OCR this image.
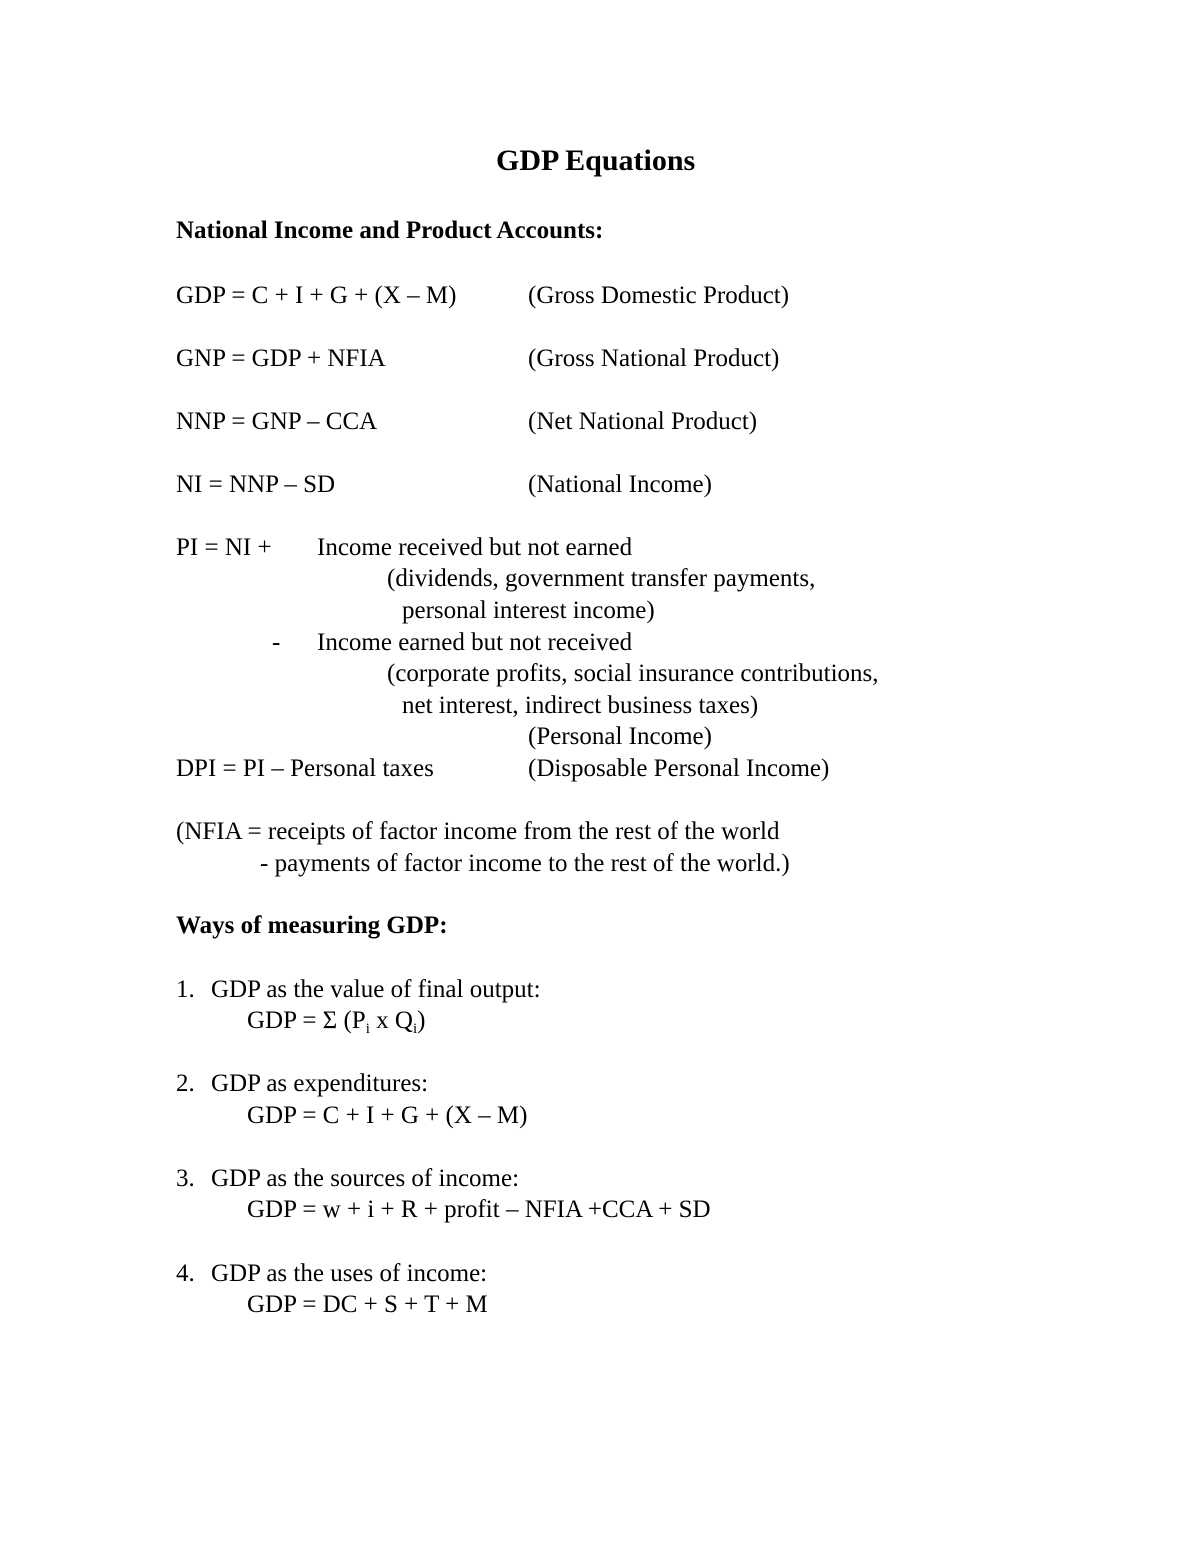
GDP Equations
National Income and Product Accounts:
GDP = C + I + G + (X – M)	(Gross Domestic Product)
GNP = GDP + NFIA	(Gross National Product)
NNP = GNP – CCA	(Net National Product)
NI = NNP – SD	(National Income)
PI = NI + Income received but not earned
(dividends, government transfer payments,
personal interest income)
- Income earned but not received
(corporate profits, social insurance contributions,
net interest, indirect business taxes)
(Personal Income)
DPI = PI – Personal taxes	(Disposable Personal Income)
(NFIA = receipts of factor income from the rest of the world
- payments of factor income to the rest of the world.)
Ways of measuring GDP:
1. GDP as the value of final output:
GDP = Σ ($P_i$ x $Q_i$)
2. GDP as expenditures:
GDP = C + I + G + (X – M)
3. GDP as the sources of income:
GDP = w + i + R + profit – NFIA +CCA + SD
4. GDP as the uses of income:
GDP = DC + S + T + M
